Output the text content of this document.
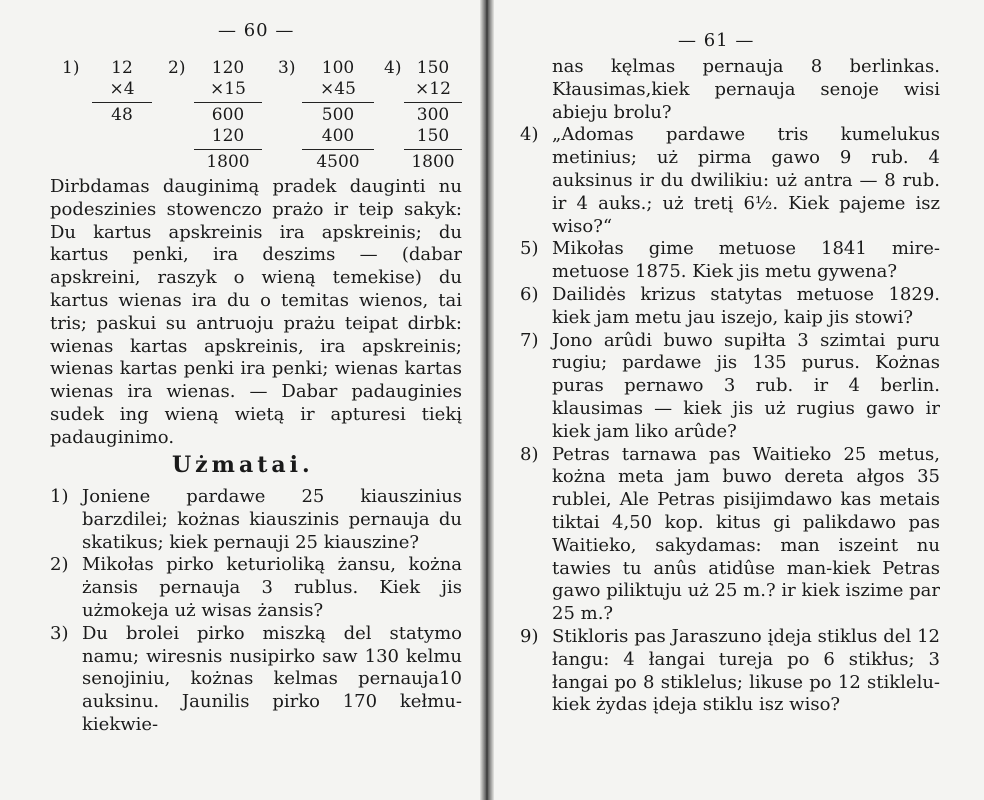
— 60 —
1)	12
×4
48
2)	120
×15
600
120
1800
3)	100
×45
500
400
4500
4) 150
×12
300
150
1800

Dirbdamas dauginimą pradek dauginti nu podeszinies stowenczo prażo ir teip sakyk: Du kartus apskreinis ira apskreinis; du kartus penki, ira deszims — (dabar apskreini, raszyk o wieną temekise) du kartus wienas ira du o temitas wienos, tai tris; paskui su antruoju prażu teipat dirbk: wienas kartas apskreinis, ira apskreinis; wienas kartas penki ira penki; wienas kartas wienas ira wienas. — Dabar padauginies sudek ing wieną wietą ir apturesi tiekį padauginimo.

Użmatai.
1) Joniene pardawe 25 kiauszinius barzdilei; kożnas kiauszinis pernauja du skatikus; kiek pernauji 25 kiauszine?
2) Mikołas pirko keturioliką żansu, kożna żansis pernauja 3 rublus. Kiek jis użmokeja uż wisas żansis?
3) Du brolei pirko miszką del statymo namu; wiresnis nusipirko saw 130 kelmu senojiniu, kożnas kelmas pernauja10 auksinu. Jaunilis pirko 170 kełmu-kiekwie-
— 61 —

nas kęlmas pernauja 8 berlinkas. Kłausimas,kiek pernauja senoje wisi abieju brolu?

4) „Adomas pardawe tris kumelukus metinius; uż pirma gawo 9 rub. 4 auksinus ir du dwilikiu: uż antra — 8 rub. ir 4 auks.; uż tretį 6½. Kiek pajeme isz wiso?“
5) Mikołas gime metuose 1841 mire-metuose 1875. Kiek jis metu gywena?
6) Dailidės krizus statytas metuose 1829. kiek jam metu jau iszejo, kaip jis stowi?
7) Jono arûdi buwo supiłta 3 szimtai puru rugiu; pardawe jis 135 purus. Kożnas puras pernawo 3 rub. ir 4 berlin. klausimas — kiek jis uż rugius gawo ir kiek jam liko arûde?
8) Petras tarnawa pas Waitieko 25 metus, kożna meta jam buwo dereta ałgos 35 rublei, Ale Petras pisijimdawo kas metais tiktai 4,50 kop. kitus gi palikdawo pas Waitieko, sakydamas: man iszeint nu tawies tu anûs atidûse man-kiek Petras gawo piliktuju uż 25 m.? ir kiek iszime par 25 m.?
9) Stikloris pas Jaraszuno įdeja stiklus del 12 łangu: 4 łangai tureja po 6 stikłus; 3 łangai po 8 stiklelus; likuse po 12 stiklelu-kiek żydas įdeja stiklu isz wiso?
